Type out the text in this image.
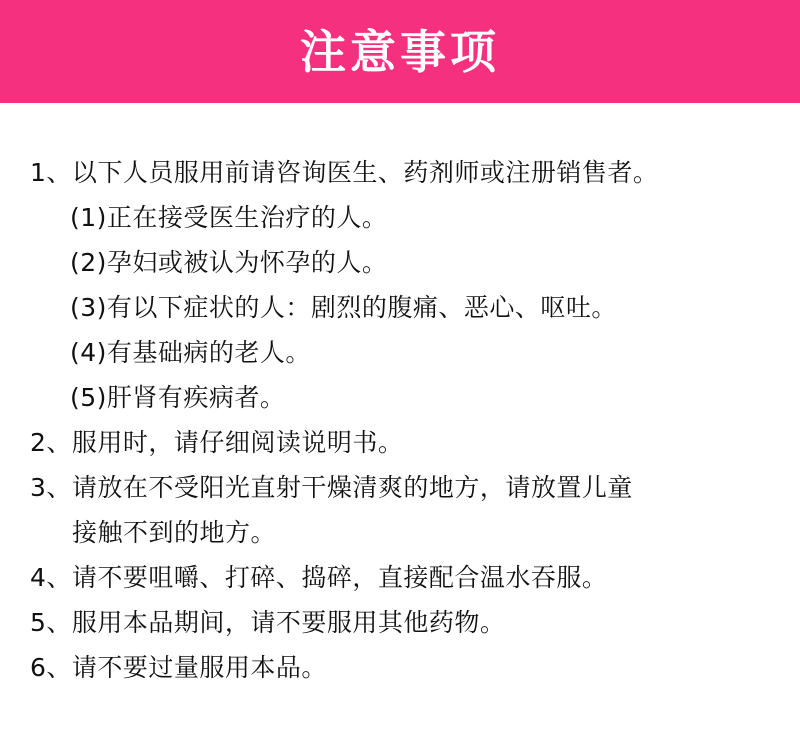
注意事项
1、以下人员服用前请咨询医生、药剂师或注册销售者。
(1)正在接受医生治疗的人。
(2)孕妇或被认为怀孕的人。
(3)有以下症状的人：剧烈的腹痛、恶心、呕吐。
(4)有基础病的老人。
(5)肝肾有疾病者。
2、服用时，请仔细阅读说明书。
3、请放在不受阳光直射干燥清爽的地方，请放置儿童
接触不到的地方。
4、请不要咀嚼、打碎、捣碎，直接配合温水吞服。
5、服用本品期间，请不要服用其他药物。
6、请不要过量服用本品。
